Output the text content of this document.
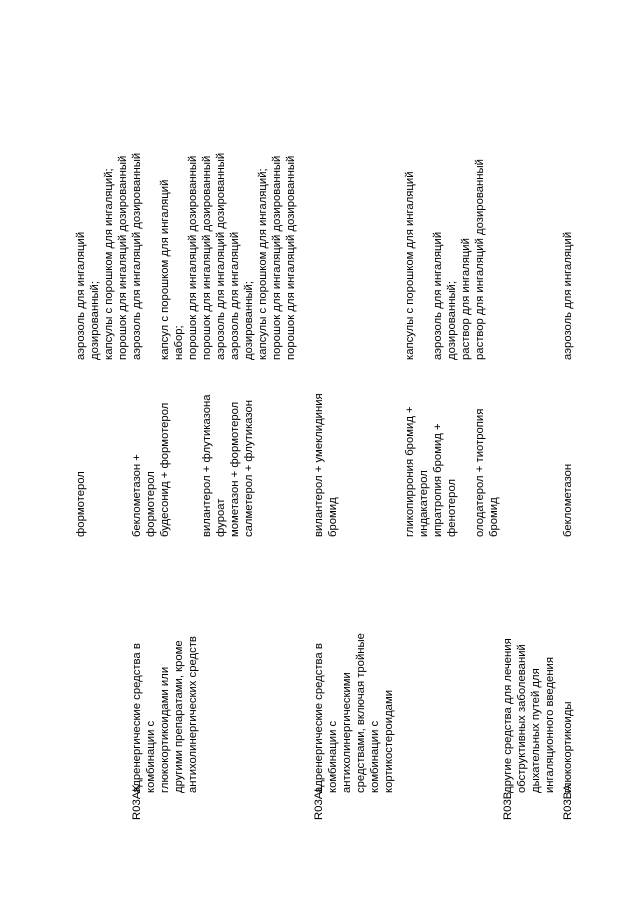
формотерол
аэрозоль для ингаляций дозированный; капсулы с порошком для ингаляций; порошок для ингаляций дозированный аэрозоль для ингаляций дозированный
R03AK
адренергические средства в комбинации с глюкокортикоидами или другими препаратами, кроме антихолинергических средств
беклометазон + формотерол будесонид + формотерол	вилантерол + флутиказона фуроат мометазон + формотерол салметерол + флутиказон
капсул с порошком для ингаляций набор; порошок для ингаляций дозированный порошок для ингаляций дозированный аэрозоль для ингаляций дозированный аэрозоль для ингаляций дозированный; капсулы с порошком для ингаляций; порошок для ингаляций дозированный порошок для ингаляций дозированный
R03AL
адренергические средства в комбинации с антихолинергическими средствами, включая тройные комбинации с кортикостероидами
вилантерол + умеклидиния бромид	гликопиррония бромид + индакатерол ипратропия бромид + фенотерол олодатерол + тиотропия бромид
капсулы с порошком для ингаляций аэрозоль для ингаляций дозированный; раствор для ингаляций раствор для ингаляций дозированный
R03B
другие средства для лечения обструктивных заболеваний дыхательных путей для ингаляционного введения
R03BA
глюкокортикоиды
беклометазон
аэрозоль для ингаляций
